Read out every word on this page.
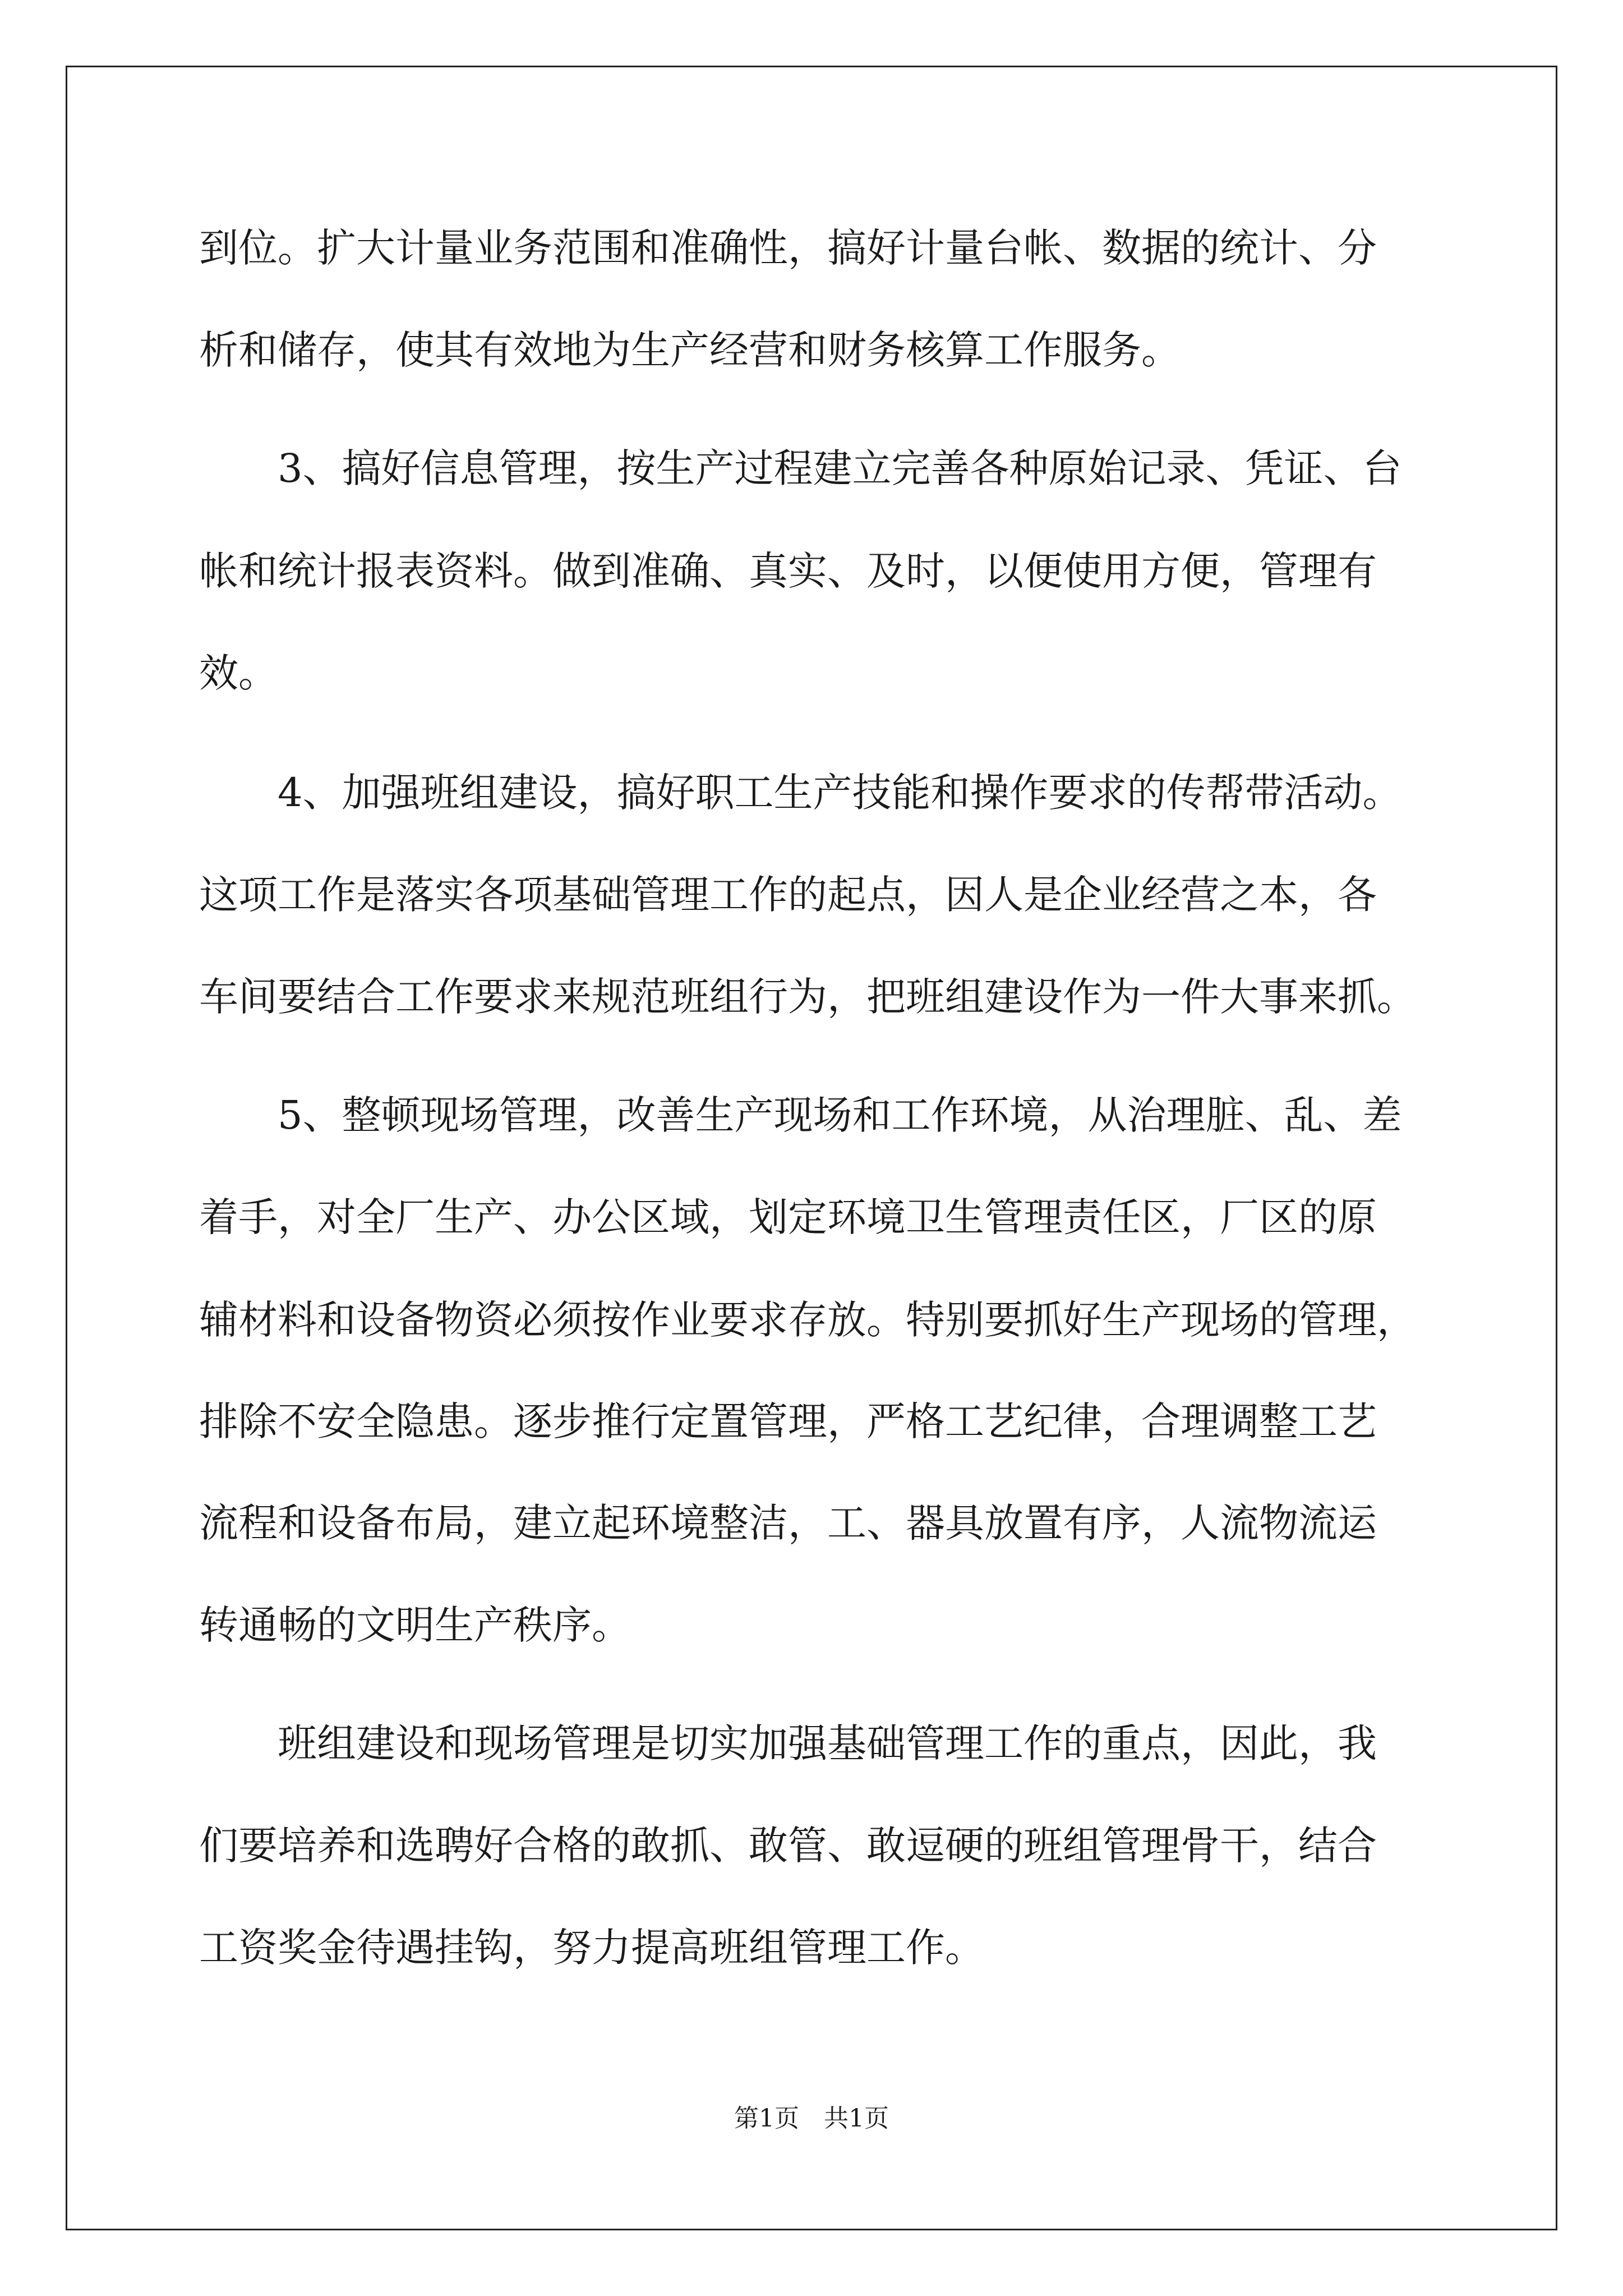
到位。扩大计量业务范围和准确性，搞好计量台帐、数据的统计、分
析和储存，使其有效地为生产经营和财务核算工作服务。
3、搞好信息管理，按生产过程建立完善各种原始记录、凭证、台
帐和统计报表资料。做到准确、真实、及时，以便使用方便，管理有
效。
4、加强班组建设，搞好职工生产技能和操作要求的传帮带活动。
这项工作是落实各项基础管理工作的起点，因人是企业经营之本，各
车间要结合工作要求来规范班组行为，把班组建设作为一件大事来抓。
5、整顿现场管理，改善生产现场和工作环境，从治理脏、乱、差
着手，对全厂生产、办公区域，划定环境卫生管理责任区，厂区的原
辅材料和设备物资必须按作业要求存放。特别要抓好生产现场的管理，
排除不安全隐患。逐步推行定置管理，严格工艺纪律，合理调整工艺
流程和设备布局，建立起环境整洁，工、器具放置有序，人流物流运
转通畅的文明生产秩序。
班组建设和现场管理是切实加强基础管理工作的重点，因此，我
们要培养和选聘好合格的敢抓、敢管、敢逗硬的班组管理骨干，结合
工资奖金待遇挂钩，努力提高班组管理工作。
第1页　共1页
